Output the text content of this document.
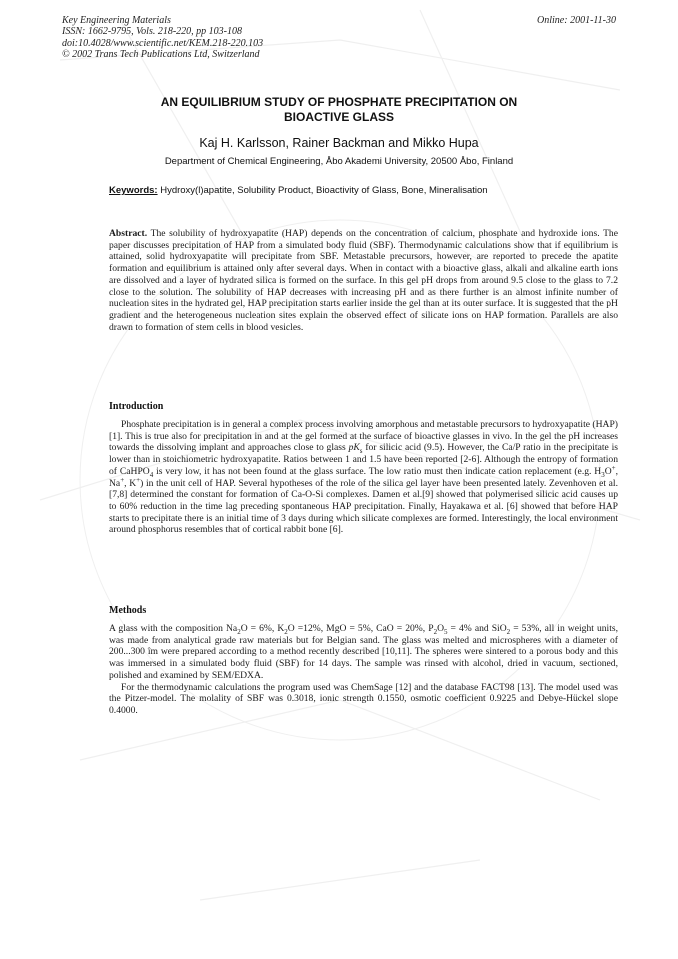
Key Engineering Materials
ISSN: 1662-9795, Vols. 218-220, pp 103-108
doi:10.4028/www.scientific.net/KEM.218-220.103
© 2002 Trans Tech Publications Ltd, Switzerland
Online: 2001-11-30
AN EQUILIBRIUM STUDY OF PHOSPHATE PRECIPITATION ON
BIOACTIVE GLASS
Kaj H. Karlsson, Rainer Backman and Mikko Hupa
Department of Chemical Engineering, Åbo Akademi University, 20500 Åbo, Finland
Keywords: Hydroxy(l)apatite, Solubility Product, Bioactivity of Glass, Bone, Mineralisation

Abstract. The solubility of hydroxyapatite (HAP) depends on the concentration of calcium, phosphate and hydroxide ions. The paper discusses precipitation of HAP from a simulated body fluid (SBF). Thermodynamic calculations show that if equilibrium is attained, solid hydroxyapatite will precipitate from SBF. Metastable precursors, however, are reported to precede the apatite formation and equilibrium is attained only after several days. When in contact with a bioactive glass, alkali and alkaline earth ions are dissolved and a layer of hydrated silica is formed on the surface. In this gel pH drops from around 9.5 close to the glass to 7.2 close to the solution. The solubility of HAP decreases with increasing pH and as there further is an almost infinite number of nucleation sites in the hydrated gel, HAP precipitation starts earlier inside the gel than at its outer surface. It is suggested that the pH gradient and the heterogeneous nucleation sites explain the observed effect of silicate ions on HAP formation. Parallels are also drawn to formation of stem cells in blood vesicles.

Introduction

Phosphate precipitation is in general a complex process involving amorphous and metastable precursors to hydroxyapatite (HAP) [1]. This is true also for precipitation in and at the gel formed at the surface of bioactive glasses in vivo. In the gel the pH increases towards the dissolving implant and approaches close to glass $pK_s$ for silicic acid (9.5). However, the Ca/P ratio in the precipitate is lower than in stoichiometric hydroxyapatite. Ratios between 1 and 1.5 have been reported [2-6]. Although the entropy of formation of CaHPO$_4$ is very low, it has not been found at the glass surface. The low ratio must then indicate cation replacement (e.g. $H_3O^+$, Na+, K+) in the unit cell of HAP. Several hypotheses of the role of the silica gel layer have been presented lately. Zevenhoven et al. [7,8] determined the constant for formation of Ca-O-Si complexes. Damen et al.[9] showed that polymerised silicic acid causes up to 60% reduction in the time lag preceding spontaneous HAP precipitation. Finally, Hayakawa et al. [6] showed that before HAP starts to precipitate there is an initial time of 3 days during which silicate complexes are formed. Interestingly, the local environment around phosphorus resembles that of cortical rabbit bone [6].

Methods

A glass with the composition $Na_2O = 6\%$, $K_2O =12\%$, MgO = 5%, CaO = 20%, $P_2O_5 = 4\%$ and SiO$_2$ = 53%, all in weight units, was made from analytical grade raw materials but for Belgian sand. The glass was melted and microspheres with a diameter of 200...300 îm were prepared according to a method recently described [10,11]. The spheres were sintered to a porous body and this was immersed in a simulated body fluid (SBF) for 14 days. The sample was rinsed with alcohol, dried in vacuum, sectioned, polished and examined by SEM/EDXA.

For the thermodynamic calculations the program used was ChemSage [12] and the database FACT98 [13]. The model used was the Pitzer-model. The molality of SBF was 0.3018, ionic strength 0.1550, osmotic coefficient 0.9225 and Debye-Hückel slope 0.4000.
